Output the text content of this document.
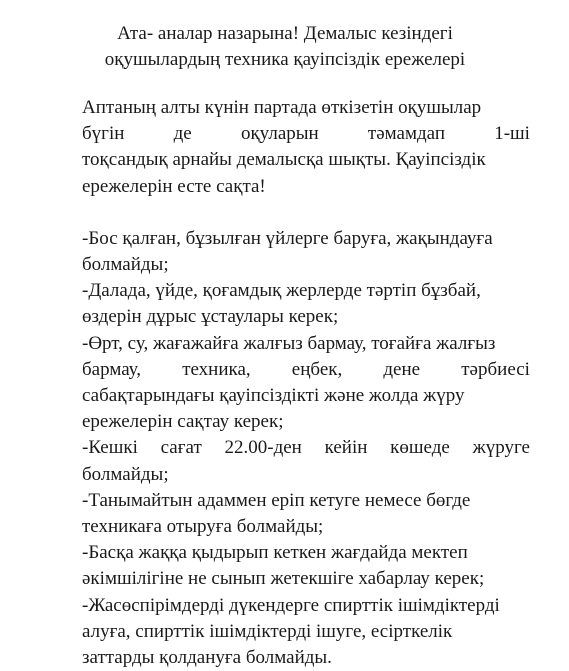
Ата- аналар назарына! Демалыс кезіндегі
оқушылардың техника қауіпсіздік ережелері
Аптаның алты күнін партада өткізетін оқушылар
бүгін	де	оқуларын	тәмамдап	1-ші
тоқсандық арнайы демалысқа шықты. Қауіпсіздік
ережелерін есте сақта!
-Бос қалған, бұзылған үйлерге баруға, жақындауға
болмайды;
-Далада, үйде, қоғамдық жерлерде тәртіп бұзбай,
өздерін дұрыс ұстаулары керек;
-Өрт, су, жағажайға жалғыз бармау, тоғайға жалғыз
бармау, техника, еңбек, дене тәрбиесі
сабақтарындағы қауіпсіздікті және жолда жүру
ережелерін сақтау керек;
-Кешкі сағат 22.00-ден кейін көшеде жүруге
болмайды;
-Танымайтын адаммен еріп кетуге немесе бөгде
техникаға отыруға болмайды;
-Басқа жаққа қыдырып кеткен жағдайда мектеп
әкімшілігіне не сынып жетекшіге хабарлау керек;
-Жасөспірімдерді дүкендерге спирттік ішімдіктерді
алуға, спирттік ішімдіктерді ішуге, есірткелік
заттарды қолдануға болмайды.
